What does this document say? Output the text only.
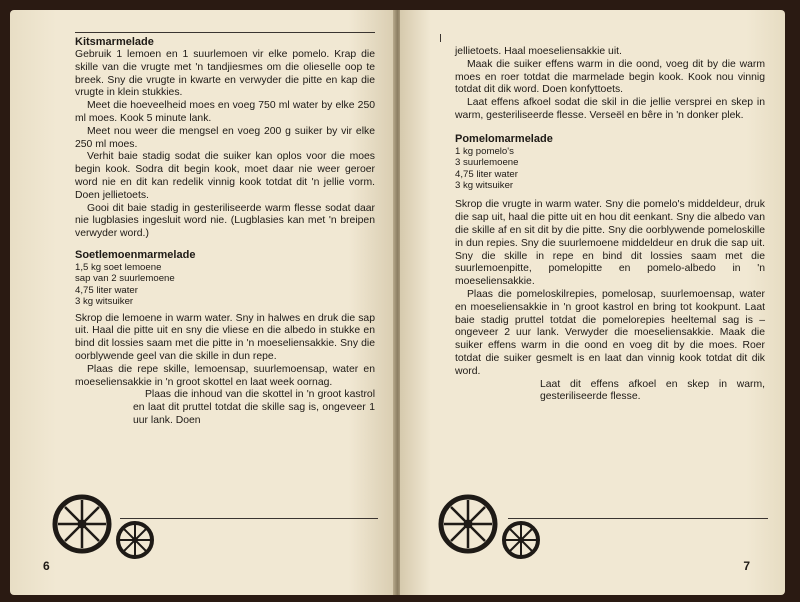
Kitsmarmelade

Gebruik 1 lemoen en 1 suurlemoen vir elke pomelo. Krap die skille van die vrugte met 'n tandjiesmes om die olieselle oop te breek. Sny die vrugte in kwarte en verwyder die pitte en kap die vrugte in klein stukkies.

Meet die hoeveelheid moes en voeg 750 ml water by elke 250 ml moes. Kook 5 minute lank.

Meet nou weer die mengsel en voeg 200 g suiker by vir elke 250 ml moes.

Verhit baie stadig sodat die suiker kan oplos voor die moes begin kook. Sodra dit begin kook, moet daar nie weer geroer word nie en dit kan redelik vinnig kook totdat dit 'n jellie vorm. Doen jellietoets.

Gooi dit baie stadig in gesteriliseerde warm flesse sodat daar nie lugblasies ingesluit word nie. (Lugblasies kan met 'n breipen verwyder word.)

Soetlemoenmarmelade

1,5 kg soet lemoene
sap van 2 suurlemoene
4,75 liter water
3 kg witsuiker

Skrop die lemoene in warm water. Sny in halwes en druk die sap uit. Haal die pitte uit en sny die vliese en die albedo in stukke en bind dit lossies saam met die pitte in 'n moeseliensakkie. Sny die oorblywende geel van die skille in dun repe.

Plaas die repe skille, lemoensap, suurlemoensap, water en moeseliensakkie in 'n groot skottel en laat week oornag.

Plaas die inhoud van die skottel in 'n groot kastrol en laat dit pruttel totdat die skille sag is, ongeveer 1 uur lank. Doen

6

jellietoets. Haal moeseliensakkie uit.

Maak die suiker effens warm in die oond, voeg dit by die warm moes en roer totdat die marmelade begin kook. Kook nou vinnig totdat dit dik word. Doen konfyttoets.

Laat effens afkoel sodat die skil in die jellie versprei en skep in warm, gesteriliseerde flesse. Verseël en bêre in 'n donker plek.

Pomelomarmelade

1 kg pomelo's
3 suurlemoene
4,75 liter water
3 kg witsuiker

Skrop die vrugte in warm water. Sny die pomelo's middeldeur, druk die sap uit, haal die pitte uit en hou dit eenkant. Sny die albedo van die skille af en sit dit by die pitte. Sny die oorblywende pomeloskille in dun repies. Sny die suurlemoene middeldeur en druk die sap uit. Sny die skille in repe en bind dit lossies saam met die suurlemoenpitte, pomelopitte en pomelo-albedo in 'n moeseliensakkie.

Plaas die pomeloskilrepies, pomelosap, suurlemoensap, water en moeseliensakkie in 'n groot kastrol en bring tot kookpunt. Laat baie stadig pruttel totdat die pomelorepies heeltemal sag is – ongeveer 2 uur lank. Verwyder die moeseliensakkie. Maak die suiker effens warm in die oond en voeg dit by die moes. Roer totdat die suiker gesmelt is en laat dan vinnig kook totdat dit dik word.

Laat dit effens afkoel en skep in warm, gesteriliseerde flesse.

7
